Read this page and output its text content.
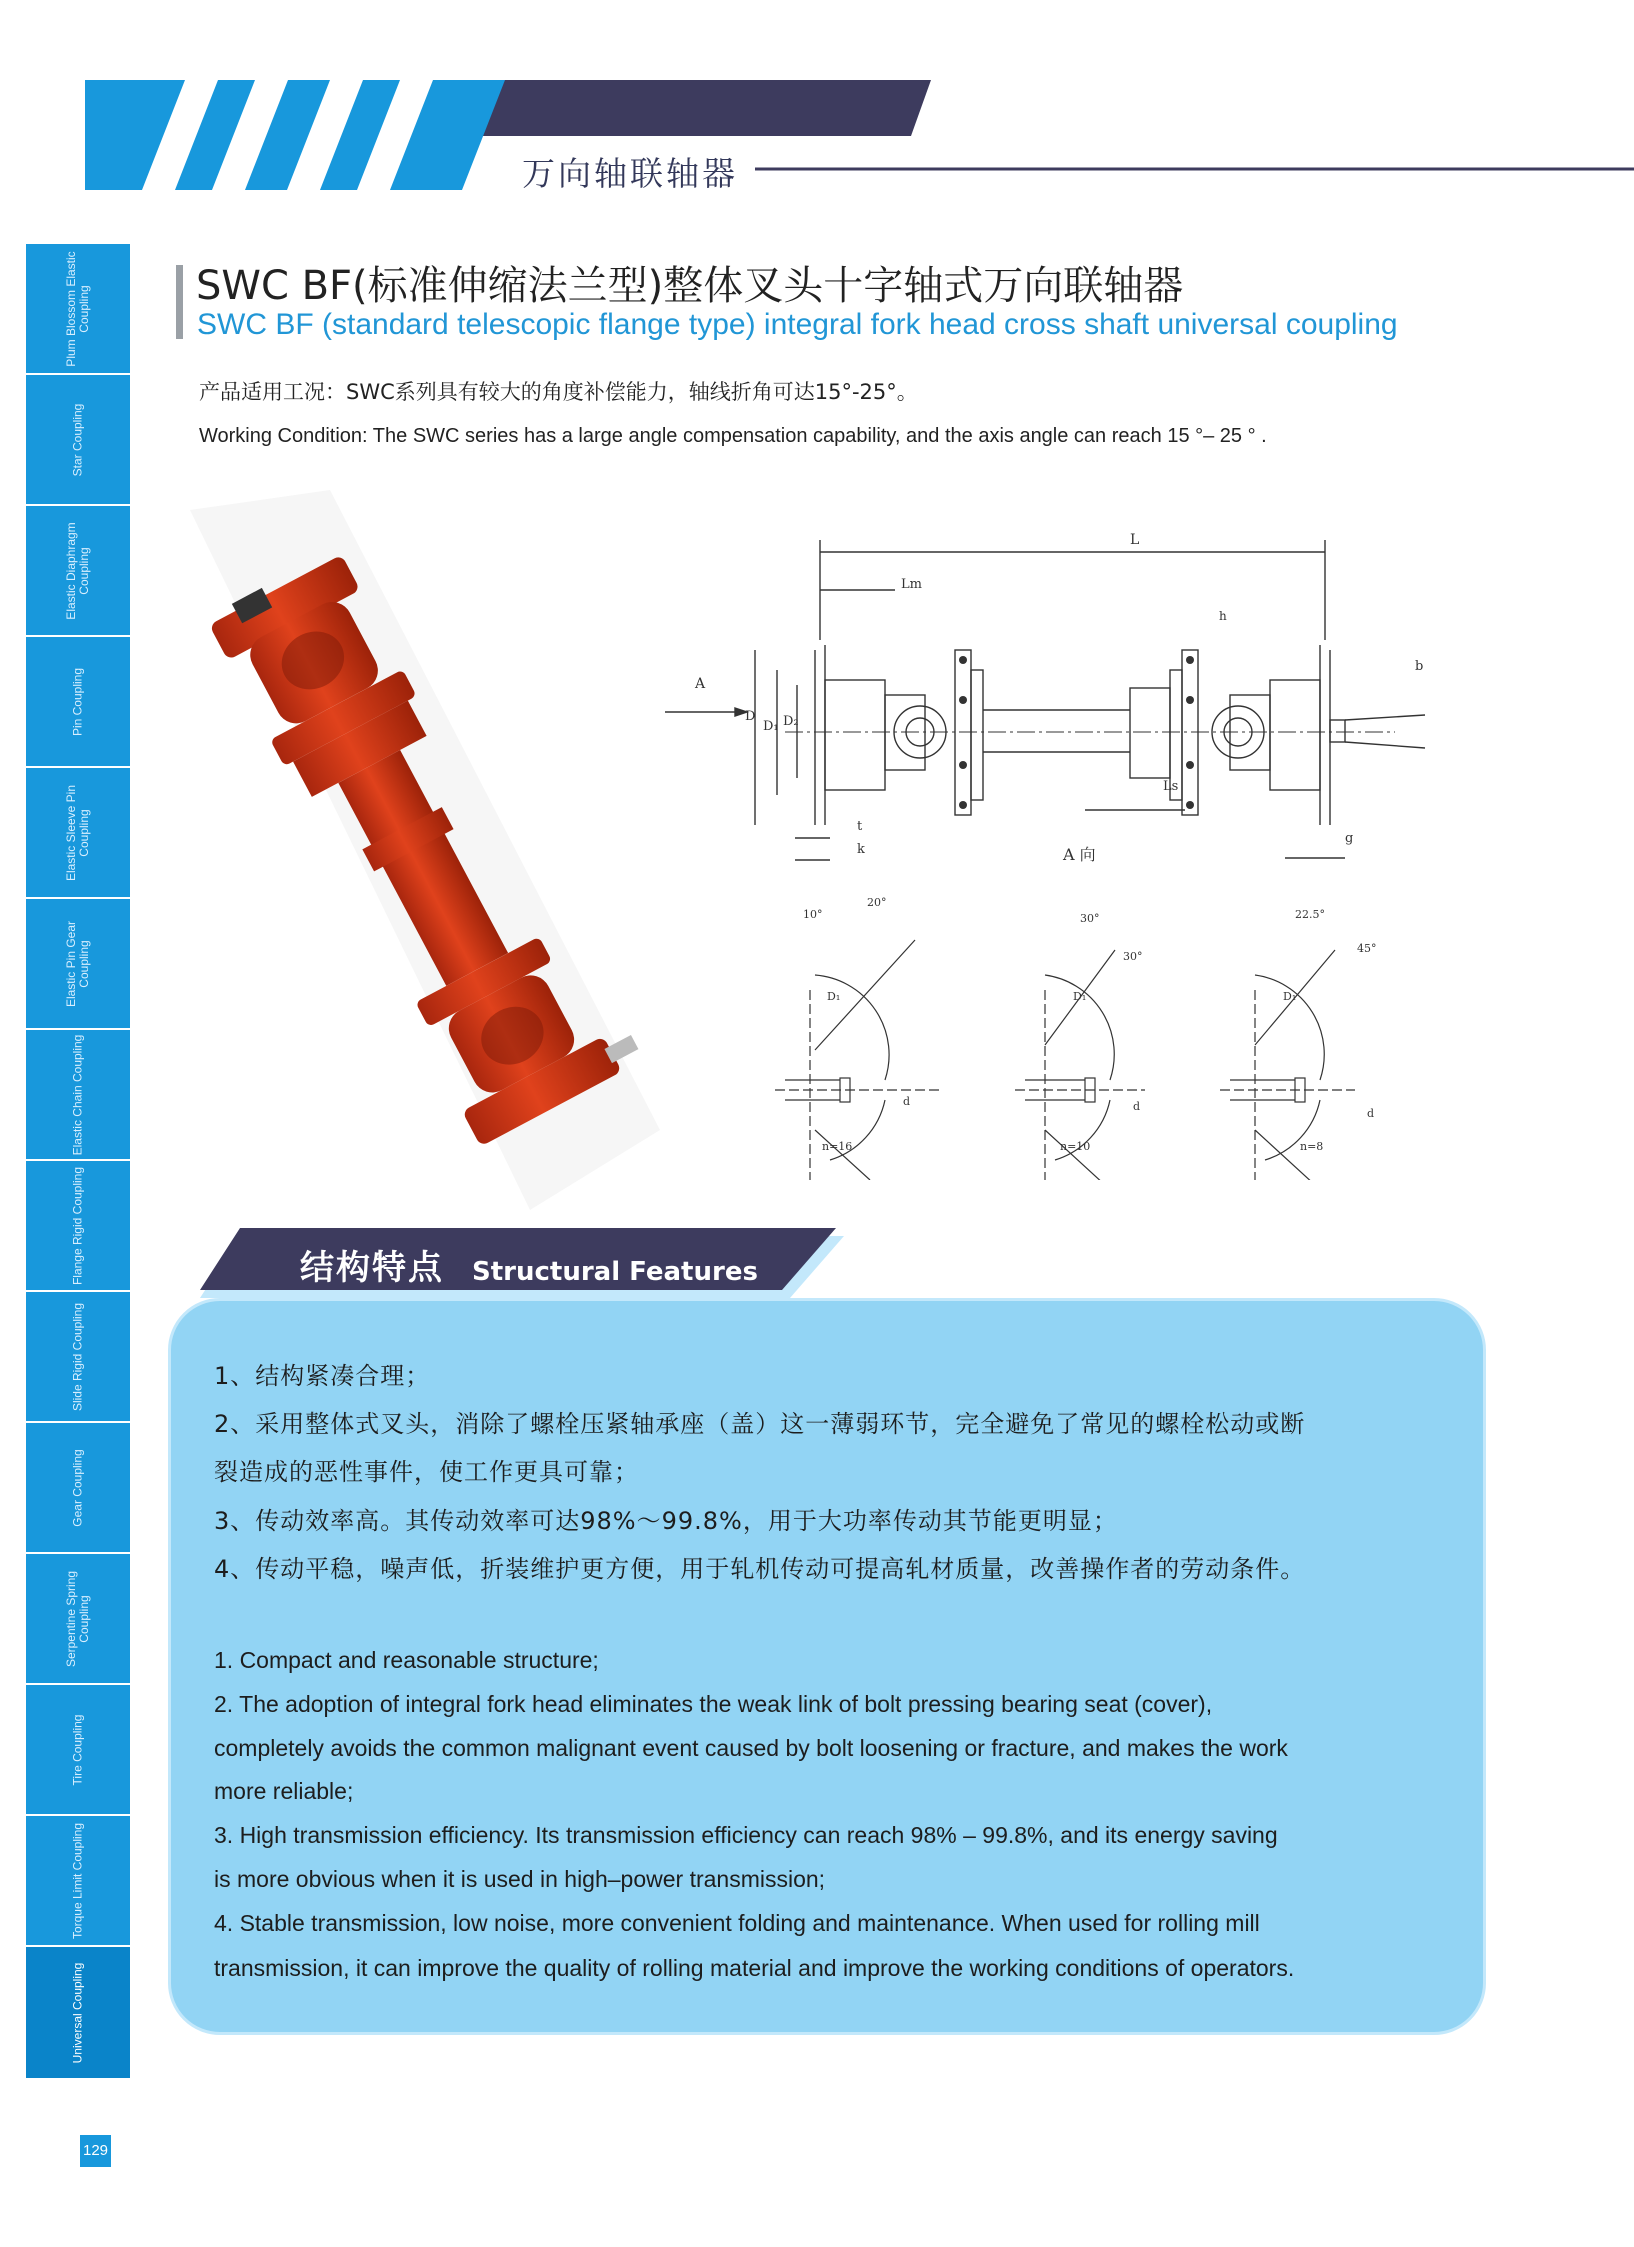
万向轴联轴器
Plum Blossom Elastic Coupling
Star Coupling
Elastic Diaphragm Coupling
Pin Coupling
Elastic Sleeve Pin Coupling
Elastic Pin Gear Coupling
Elastic Chain Coupling
Flange Rigid Coupling
Slide Rigid Coupling
Gear Coupling
Serpentine Spring Coupling
Tire Coupling
Torque Limit Coupling
Universal Coupling
SWC BF(标准伸缩法兰型)整体叉头十字轴式万向联轴器
SWC BF (standard telescopic flange type) integral fork head cross shaft universal coupling
产品适用工况：SWC系列具有较大的角度补偿能力，轴线折角可达15°-25°。
Working Condition: The SWC series has a large angle compensation capability, and the axis angle can reach 15 °– 25 ° .
L
Lm
Ls
D
D₁ D₂
h
b
k
t
g
A
A 向
10°
20°
D₁
d
n=16
30°
30°
D₁
d
n=10
22.5°
45°
D₁
d
n=8
结构特点 Structural Features
1、结构紧凑合理；
2、采用整体式叉头，消除了螺栓压紧轴承座（盖）这一薄弱环节，完全避免了常见的螺栓松动或断
裂造成的恶性事件，使工作更具可靠；
3、传动效率高。其传动效率可达98%～99.8%，用于大功率传动其节能更明显；
4、传动平稳，噪声低，折装维护更方便，用于轧机传动可提高轧材质量，改善操作者的劳动条件。
1. Compact and reasonable structure;
2. The adoption of integral fork head eliminates the weak link of bolt pressing bearing seat (cover),
completely avoids the common malignant event caused by bolt loosening or fracture, and makes the work
more reliable;
3. High transmission efficiency. Its transmission efficiency can reach 98% – 99.8%, and its energy saving
is more obvious when it is used in high–power transmission;
4. Stable transmission, low noise, more convenient folding and maintenance. When used for rolling mill
transmission, it can improve the quality of rolling material and improve the working conditions of operators.
129
